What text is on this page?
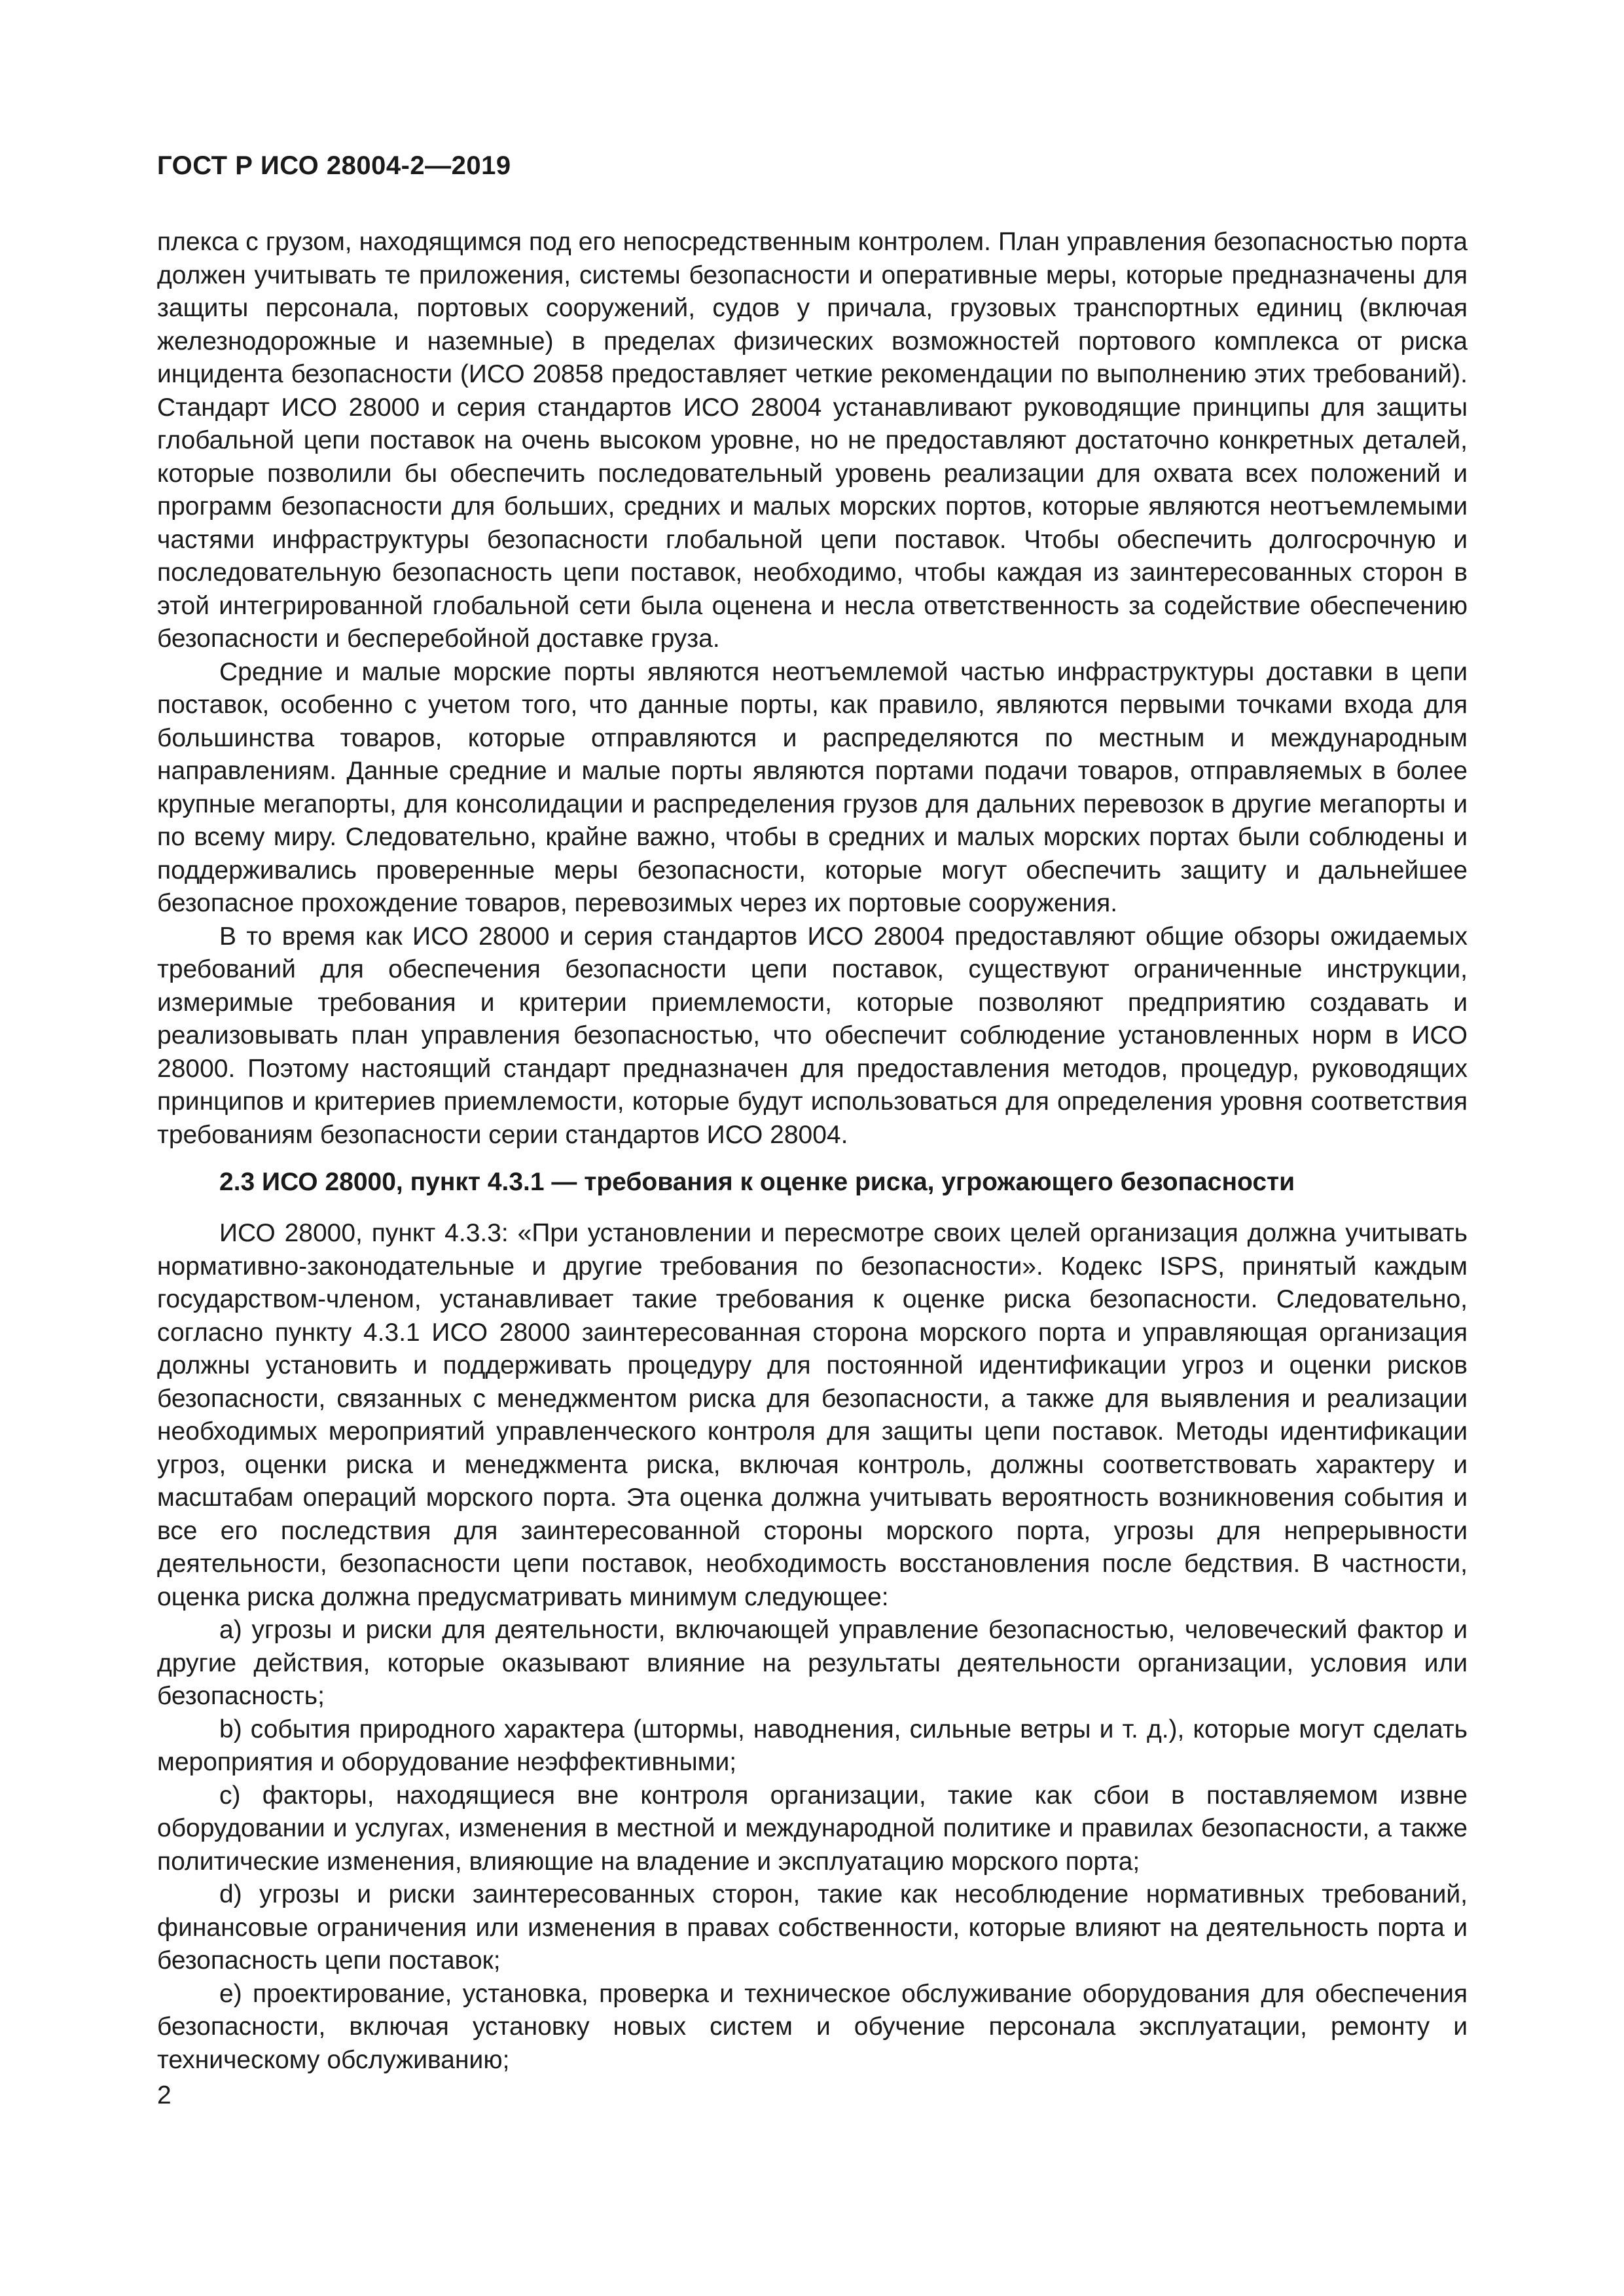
ГОСТ Р ИСО 28004-2—2019

плекса с грузом, находящимся под его непосредственным контролем. План управления безопасностью порта должен учитывать те приложения, системы безопасности и оперативные меры, которые предназначены для защиты персонала, портовых сооружений, судов у причала, грузовых транспортных единиц (включая железнодорожные и наземные) в пределах физических возможностей портового комплекса от риска инцидента безопасности (ИСО 20858 предоставляет четкие рекомендации по выполнению этих требований). Стандарт ИСО 28000 и серия стандартов ИСО 28004 устанавливают руководящие принципы для защиты глобальной цепи поставок на очень высоком уровне, но не предоставляют достаточно конкретных деталей, которые позволили бы обеспечить последовательный уровень реализации для охвата всех положений и программ безопасности для больших, средних и малых морских портов, которые являются неотъемлемыми частями инфраструктуры безопасности глобальной цепи поставок. Чтобы обеспечить долгосрочную и последовательную безопасность цепи поставок, необходимо, чтобы каждая из заинтересованных сторон в этой интегрированной глобальной сети была оценена и несла ответственность за содействие обеспечению безопасности и бесперебойной доставке груза.

Средние и малые морские порты являются неотъемлемой частью инфраструктуры доставки в цепи поставок, особенно с учетом того, что данные порты, как правило, являются первыми точками входа для большинства товаров, которые отправляются и распределяются по местным и международным направлениям. Данные средние и малые порты являются портами подачи товаров, отправляемых в более крупные мегапорты, для консолидации и распределения грузов для дальних перевозок в другие мегапорты и по всему миру. Следовательно, крайне важно, чтобы в средних и малых морских портах были соблюдены и поддерживались проверенные меры безопасности, которые могут обеспечить защиту и дальнейшее безопасное прохождение товаров, перевозимых через их портовые сооружения.

В то время как ИСО 28000 и серия стандартов ИСО 28004 предоставляют общие обзоры ожидаемых требований для обеспечения безопасности цепи поставок, существуют ограниченные инструкции, измеримые требования и критерии приемлемости, которые позволяют предприятию создавать и реализовывать план управления безопасностью, что обеспечит соблюдение установленных норм в ИСО 28000. Поэтому настоящий стандарт предназначен для предоставления методов, процедур, руководящих принципов и критериев приемлемости, которые будут использоваться для определения уровня соответствия требованиям безопасности серии стандартов ИСО 28004.

2.3 ИСО 28000, пункт 4.3.1 — требования к оценке риска, угрожающего безопасности

ИСО 28000, пункт 4.3.3: «При установлении и пересмотре своих целей организация должна учитывать нормативно-законодательные и другие требования по безопасности». Кодекс ISPS, принятый каждым государством-членом, устанавливает такие требования к оценке риска безопасности. Следовательно, согласно пункту 4.3.1 ИСО 28000 заинтересованная сторона морского порта и управляющая организация должны установить и поддерживать процедуру для постоянной идентификации угроз и оценки рисков безопасности, связанных с менеджментом риска для безопасности, а также для выявления и реализации необходимых мероприятий управленческого контроля для защиты цепи поставок. Методы идентификации угроз, оценки риска и менеджмента риска, включая контроль, должны соответствовать характеру и масштабам операций морского порта. Эта оценка должна учитывать вероятность возникновения события и все его последствия для заинтересованной стороны морского порта, угрозы для непрерывности деятельности, безопасности цепи поставок, необходимость восстановления после бедствия. В частности, оценка риска должна предусматривать минимум следующее:

a) угрозы и риски для деятельности, включающей управление безопасностью, человеческий фактор и другие действия, которые оказывают влияние на результаты деятельности организации, условия или безопасность;

b) события природного характера (штормы, наводнения, сильные ветры и т. д.), которые могут сделать мероприятия и оборудование неэффективными;

c) факторы, находящиеся вне контроля организации, такие как сбои в поставляемом извне оборудовании и услугах, изменения в местной и международной политике и правилах безопасности, а также политические изменения, влияющие на владение и эксплуатацию морского порта;

d) угрозы и риски заинтересованных сторон, такие как несоблюдение нормативных требований, финансовые ограничения или изменения в правах собственности, которые влияют на деятельность порта и безопасность цепи поставок;

e) проектирование, установка, проверка и техническое обслуживание оборудования для обеспечения безопасности, включая установку новых систем и обучение персонала эксплуатации, ремонту и техническому обслуживанию;

2
